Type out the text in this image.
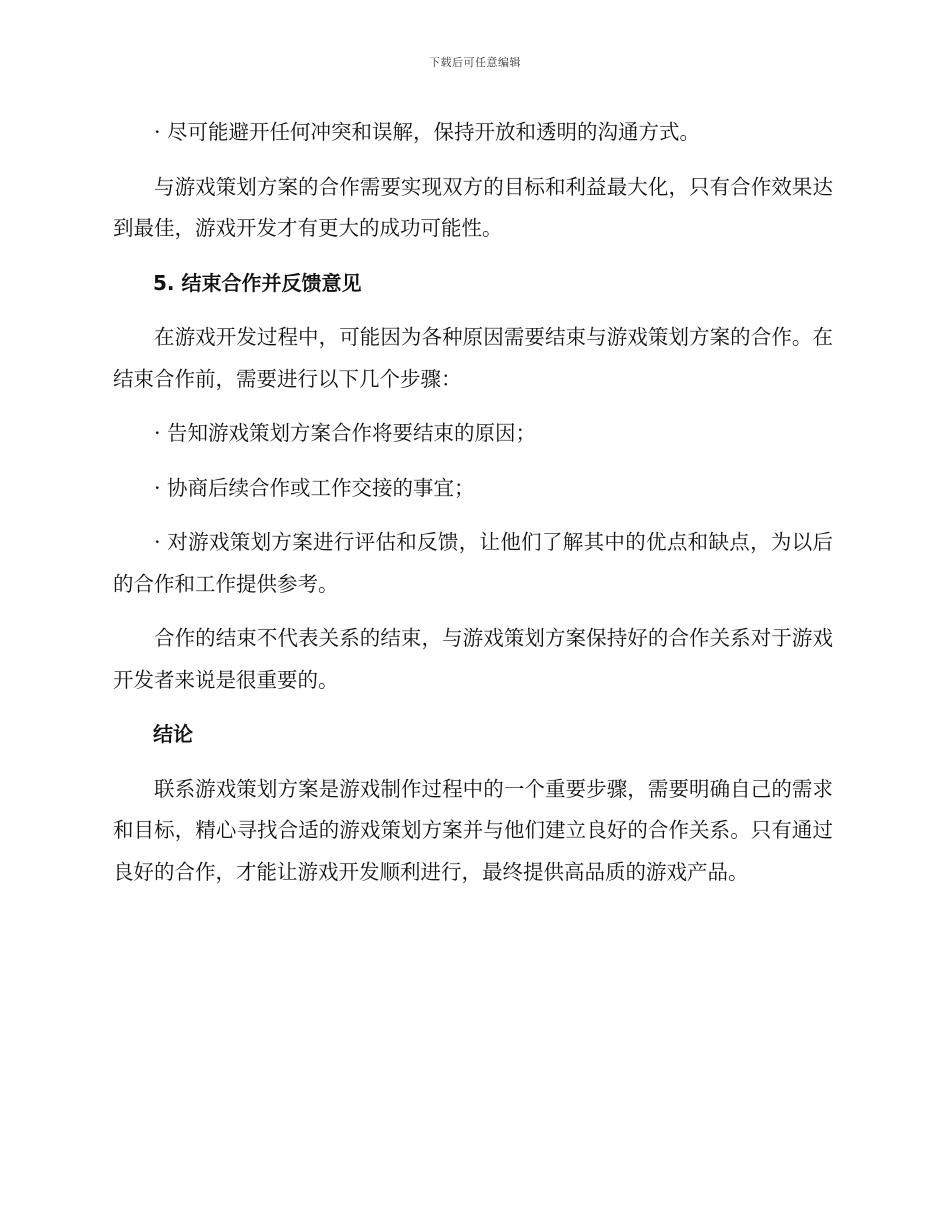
下载后可任意编辑

· 尽可能避开任何冲突和误解，保持开放和透明的沟通方式。

与游戏策划方案的合作需要实现双方的目标和利益最大化，只有合作效果达到最佳，游戏开发才有更大的成功可能性。

5. 结束合作并反馈意见

在游戏开发过程中，可能因为各种原因需要结束与游戏策划方案的合作。在结束合作前，需要进行以下几个步骤：

· 告知游戏策划方案合作将要结束的原因；

· 协商后续合作或工作交接的事宜；

· 对游戏策划方案进行评估和反馈，让他们了解其中的优点和缺点，为以后的合作和工作提供参考。

合作的结束不代表关系的结束，与游戏策划方案保持好的合作关系对于游戏开发者来说是很重要的。

结论

联系游戏策划方案是游戏制作过程中的一个重要步骤，需要明确自己的需求和目标，精心寻找合适的游戏策划方案并与他们建立良好的合作关系。只有通过良好的合作，才能让游戏开发顺利进行，最终提供高品质的游戏产品。
